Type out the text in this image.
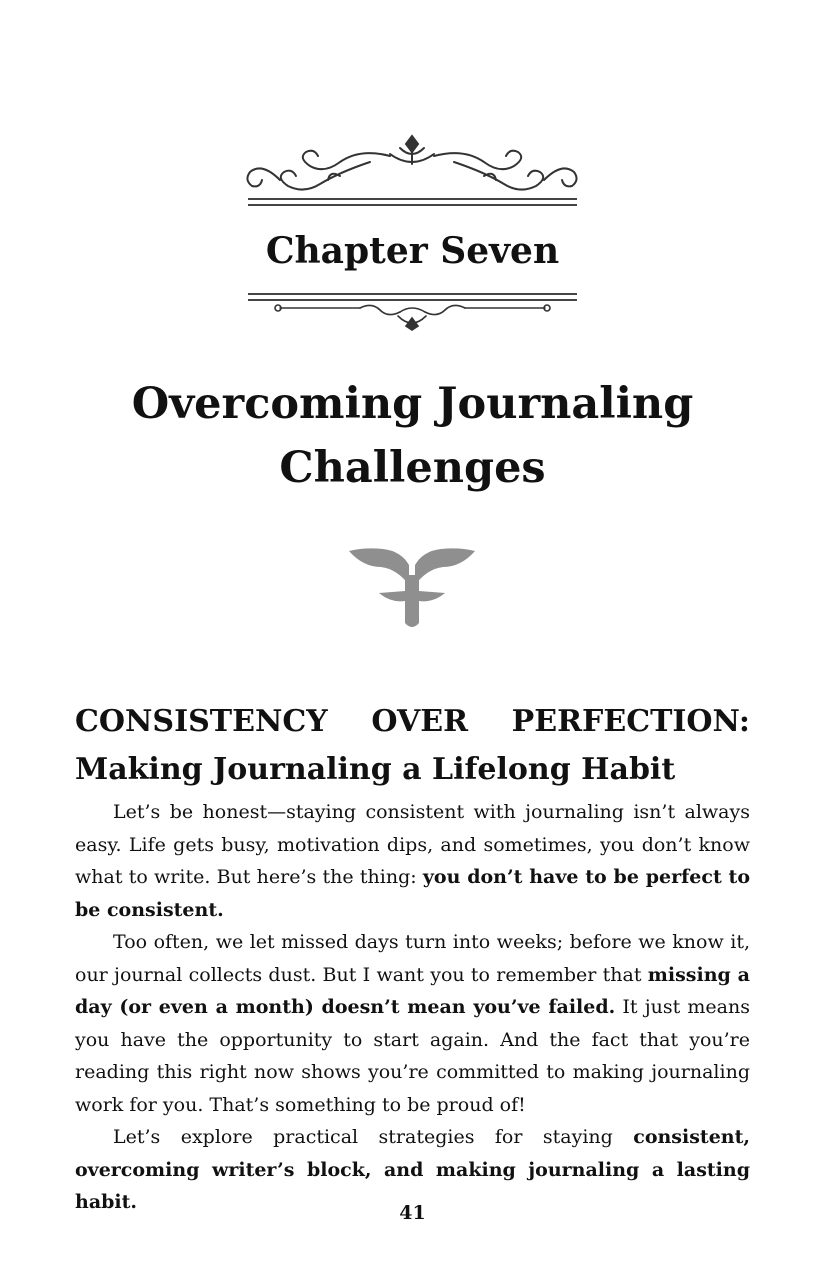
Chapter Seven
Overcoming Journaling
Challenges
CONSISTENCY OVER PERFECTION:
Making Journaling a Lifelong Habit

Let’s be honest—staying consistent with journaling isn’t always easy. Life gets busy, motivation dips, and sometimes, you don’t know what to write. But here’s the thing: you don’t have to be perfect to be consistent.

Too often, we let missed days turn into weeks; before we know it, our journal collects dust. But I want you to remember that missing a day (or even a month) doesn’t mean you’ve failed. It just means you have the opportunity to start again. And the fact that you’re reading this right now shows you’re committed to making journaling work for you. That’s something to be proud of!

Let’s explore practical strategies for staying consistent, overcoming writer’s block, and making journaling a lasting habit.	41
